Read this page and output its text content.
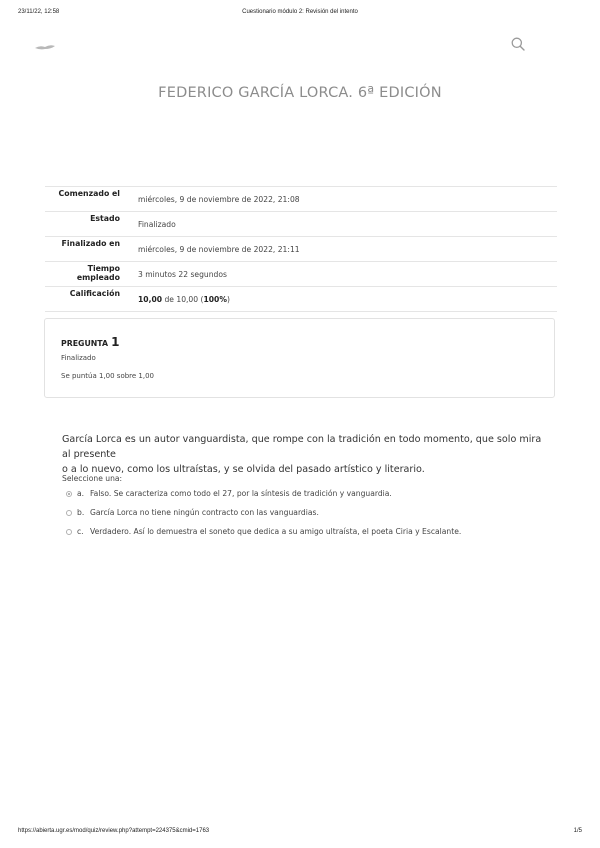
23/11/22, 12:58	Cuestionario módulo 2: Revisión del intento
FEDERICO GARCÍA LORCA. 6ª EDICIÓN
Comenzado el	miércoles, 9 de noviembre de 2022, 21:08
Estado	Finalizado
Finalizado en	miércoles, 9 de noviembre de 2022, 21:11
Tiempo empleado	3 minutos 22 segundos
Calificación	10,00 de 10,00 (100%)
PREGUNTA 1
Finalizado
Se puntúa 1,00 sobre 1,00
García Lorca es un autor vanguardista, que rompe con la tradición en todo momento, que solo mira al presente
o a lo nuevo, como los ultraístas, y se olvida del pasado artístico y literario.
Seleccione una:
a. Falso. Se caracteriza como todo el 27, por la síntesis de tradición y vanguardia.
b. García Lorca no tiene ningún contracto con las vanguardias.
c. Verdadero. Así lo demuestra el soneto que dedica a su amigo ultraísta, el poeta Ciria y Escalante.
https://abierta.ugr.es/mod/quiz/review.php?attempt=224375&cmid=1763	1/5
